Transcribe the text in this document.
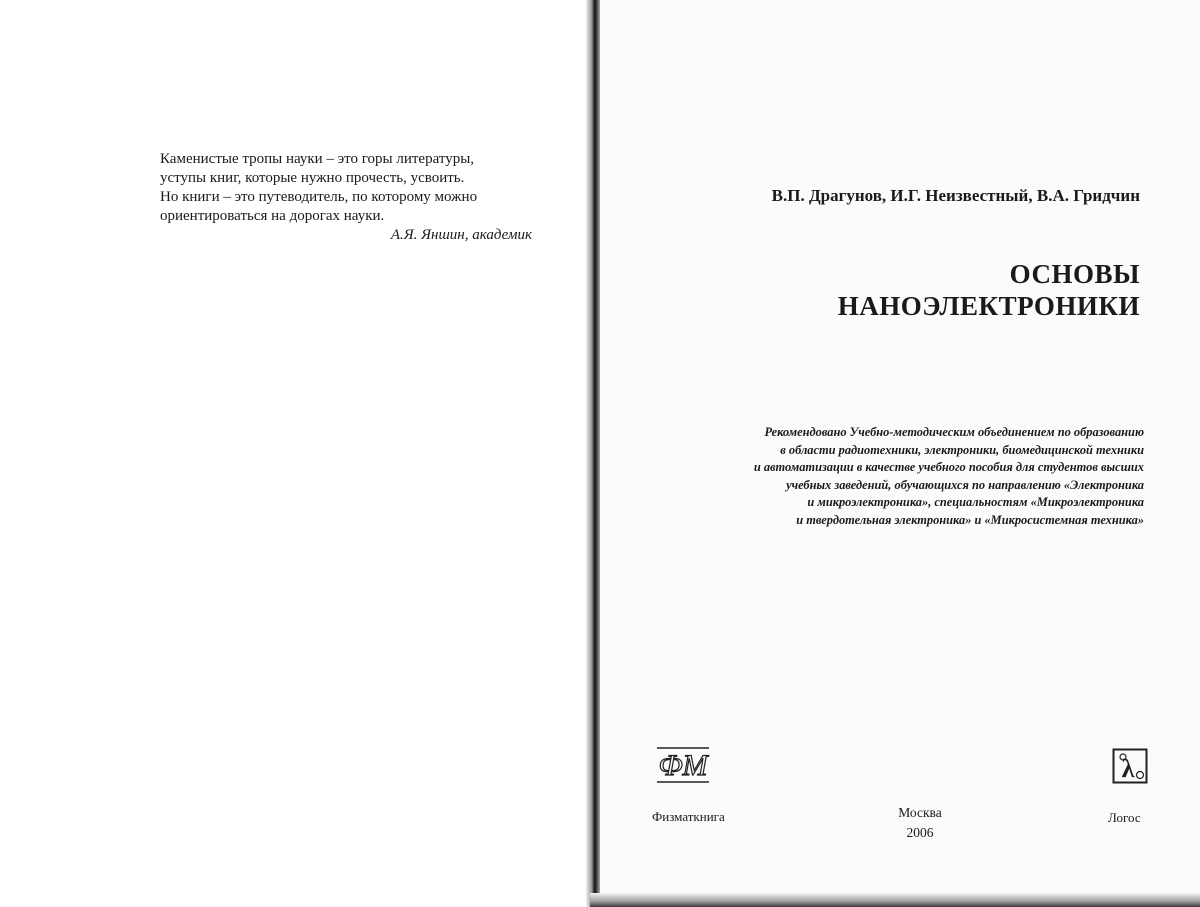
Каменистые тропы науки – это горы литературы,
уступы книг, которые нужно прочесть, усвоить.
Но книги – это путеводитель, по которому можно
ориентироваться на дорогах науки.
А.Я. Яншин, академик
В.П. Драгунов, И.Г. Неизвестный, В.А. Гридчин
ОСНОВЫ
НАНОЭЛЕКТРОНИКИ
Рекомендовано Учебно-методическим объединением по образованию
в области радиотехники, электроники, биомедицинской техники
и автоматизации в качестве учебного пособия для студентов высших
учебных заведений, обучающихся по направлению «Электроника
и микроэлектроника», специальностям «Микроэлектроника
и твердотельная электроника» и «Микросистемная техника»
ФМ	λ
Физматкнига	Москва
2006
Логос
